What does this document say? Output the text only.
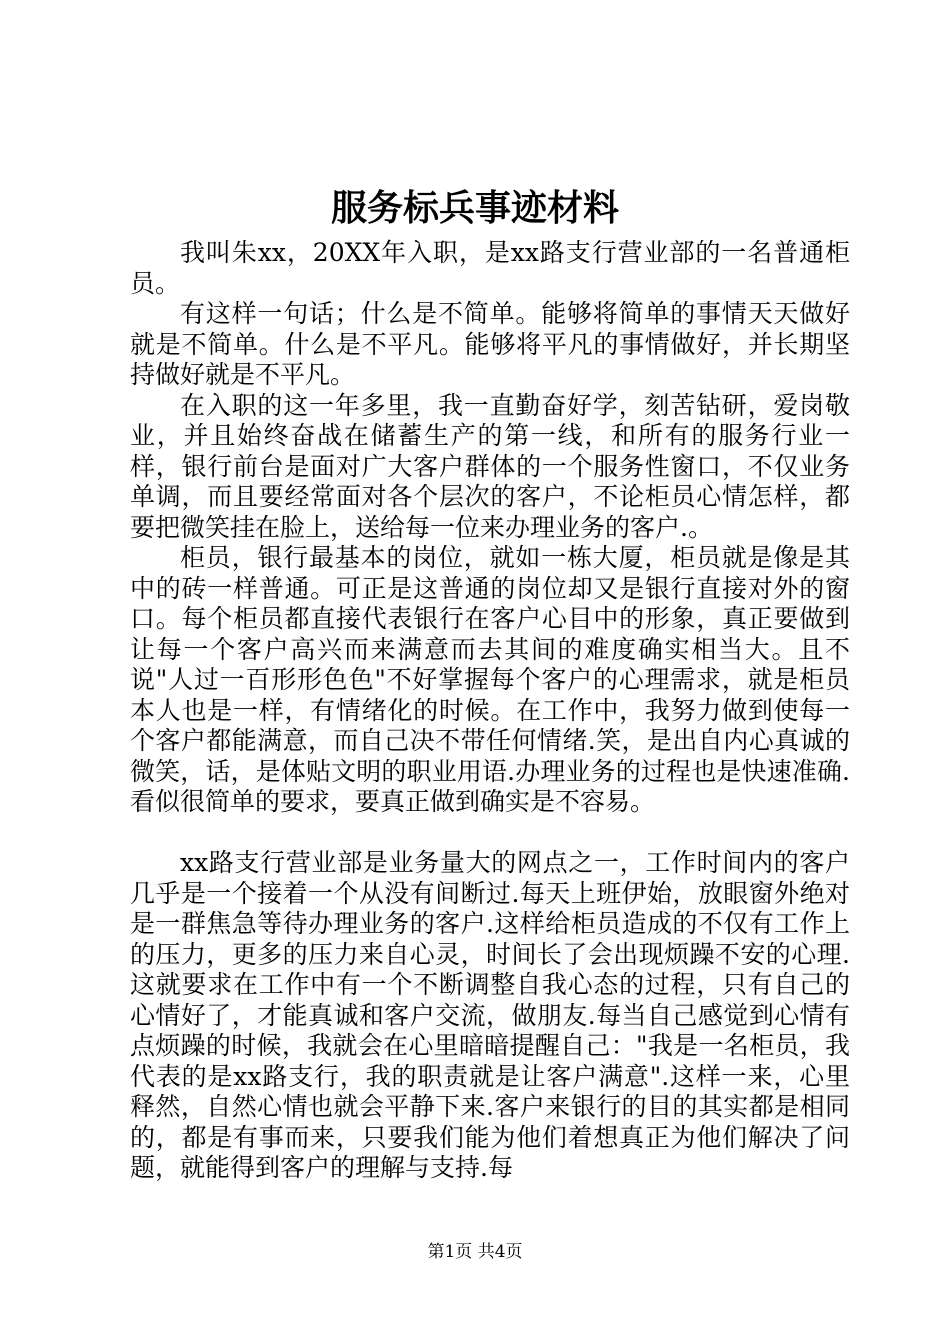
服务标兵事迹材料

我叫朱xx，20XX年入职，是xx路支行营业部的一名普通柜员。

有这样一句话；什么是不简单。能够将简单的事情天天做好就是不简单。什么是不平凡。能够将平凡的事情做好，并长期坚持做好就是不平凡。

在入职的这一年多里，我一直勤奋好学，刻苦钻研，爱岗敬业，并且始终奋战在储蓄生产的第一线，和所有的服务行业一样，银行前台是面对广大客户群体的一个服务性窗口，不仅业务单调，而且要经常面对各个层次的客户，不论柜员心情怎样，都要把微笑挂在脸上，送给每一位来办理业务的客户.。

柜员，银行最基本的岗位，就如一栋大厦，柜员就是像是其中的砖一样普通。可正是这普通的岗位却又是银行直接对外的窗口。每个柜员都直接代表银行在客户心目中的形象，真正要做到让每一个客户高兴而来满意而去其间的难度确实相当大。且不说"人过一百形形色色"不好掌握每个客户的心理需求，就是柜员本人也是一样，有情绪化的时候。在工作中，我努力做到使每一个客户都能满意，而自己决不带任何情绪.笑，是出自内心真诚的微笑，话，是体贴文明的职业用语.办理业务的过程也是快速准确.看似很简单的要求，要真正做到确实是不容易。

xx路支行营业部是业务量大的网点之一，工作时间内的客户几乎是一个接着一个从没有间断过.每天上班伊始，放眼窗外绝对是一群焦急等待办理业务的客户.这样给柜员造成的不仅有工作上的压力，更多的压力来自心灵，时间长了会出现烦躁不安的心理.这就要求在工作中有一个不断调整自我心态的过程，只有自己的心情好了，才能真诚和客户交流，做朋友.每当自己感觉到心情有点烦躁的时候，我就会在心里暗暗提醒自己："我是一名柜员，我代表的是xx路支行，我的职责就是让客户满意".这样一来，心里释然，自然心情也就会平静下来.客户来银行的目的其实都是相同的，都是有事而来，只要我们能为他们着想真正为他们解决了问题，就能得到客户的理解与支持.每

第1页 共4页
